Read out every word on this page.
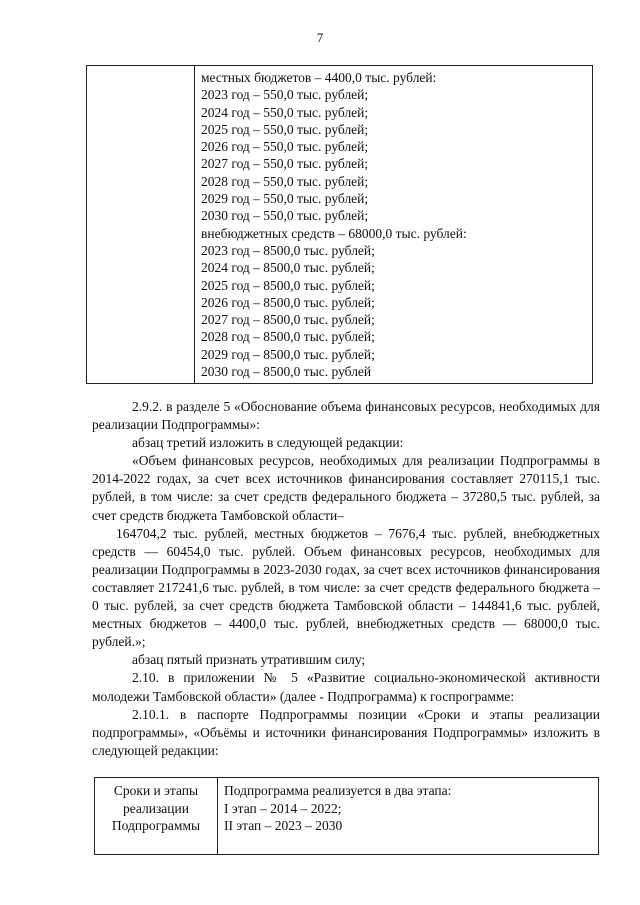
7

местных бюджетов – 4400,0 тыс. рублей:
2023 год – 550,0 тыс. рублей;
2024 год – 550,0 тыс. рублей;
2025 год – 550,0 тыс. рублей;
2026 год – 550,0 тыс. рублей;
2027 год – 550,0 тыс. рублей;
2028 год – 550,0 тыс. рублей;
2029 год – 550,0 тыс. рублей;
2030 год – 550,0 тыс. рублей;
внебюджетных средств – 68000,0 тыс. рублей:
2023 год – 8500,0 тыс. рублей;
2024 год – 8500,0 тыс. рублей;
2025 год – 8500,0 тыс. рублей;
2026 год – 8500,0 тыс. рублей;
2027 год – 8500,0 тыс. рублей;
2028 год – 8500,0 тыс. рублей;
2029 год – 8500,0 тыс. рублей;
2030 год – 8500,0 тыс. рублей

2.9.2. в разделе 5 «Обоснование объема финансовых ресурсов, необходимых для реализации Подпрограммы»:

абзац третий изложить в следующей редакции:

«Объем финансовых ресурсов, необходимых для реализации Подпрограммы в 2014-2022 годах, за счет всех источников финансирования составляет 270115,1 тыс. рублей, в том числе: за счет средств федерального бюджета – 37280,5 тыс. рублей, за счет средств бюджета Тамбовской области–

164704,2 тыс. рублей, местных бюджетов – 7676,4 тыс. рублей, внебюджетных средств — 60454,0 тыс. рублей. Объем финансовых ресурсов, необходимых для реализации Подпрограммы в 2023-2030 годах, за счет всех источников финансирования составляет 217241,6 тыс. рублей, в том числе: за счет средств федерального бюджета – 0 тыс. рублей, за счет средств бюджета Тамбовской области – 144841,6 тыс. рублей, местных бюджетов – 4400,0 тыс. рублей, внебюджетных средств — 68000,0 тыс. рублей.»;

абзац пятый признать утратившим силу;

2.10. в приложении № 5 «Развитие социально-экономической активности молодежи Тамбовской области» (далее - Подпрограмма) к госпрограмме:

2.10.1. в паспорте Подпрограммы позиции «Сроки и этапы реализации подпрограммы», «Объёмы и источники финансирования Подпрограммы» изложить в следующей редакции:

Сроки и этапы
реализации
Подпрограммы

Подпрограмма реализуется в два этапа:
I этап – 2014 – 2022;
II этап – 2023 – 2030
